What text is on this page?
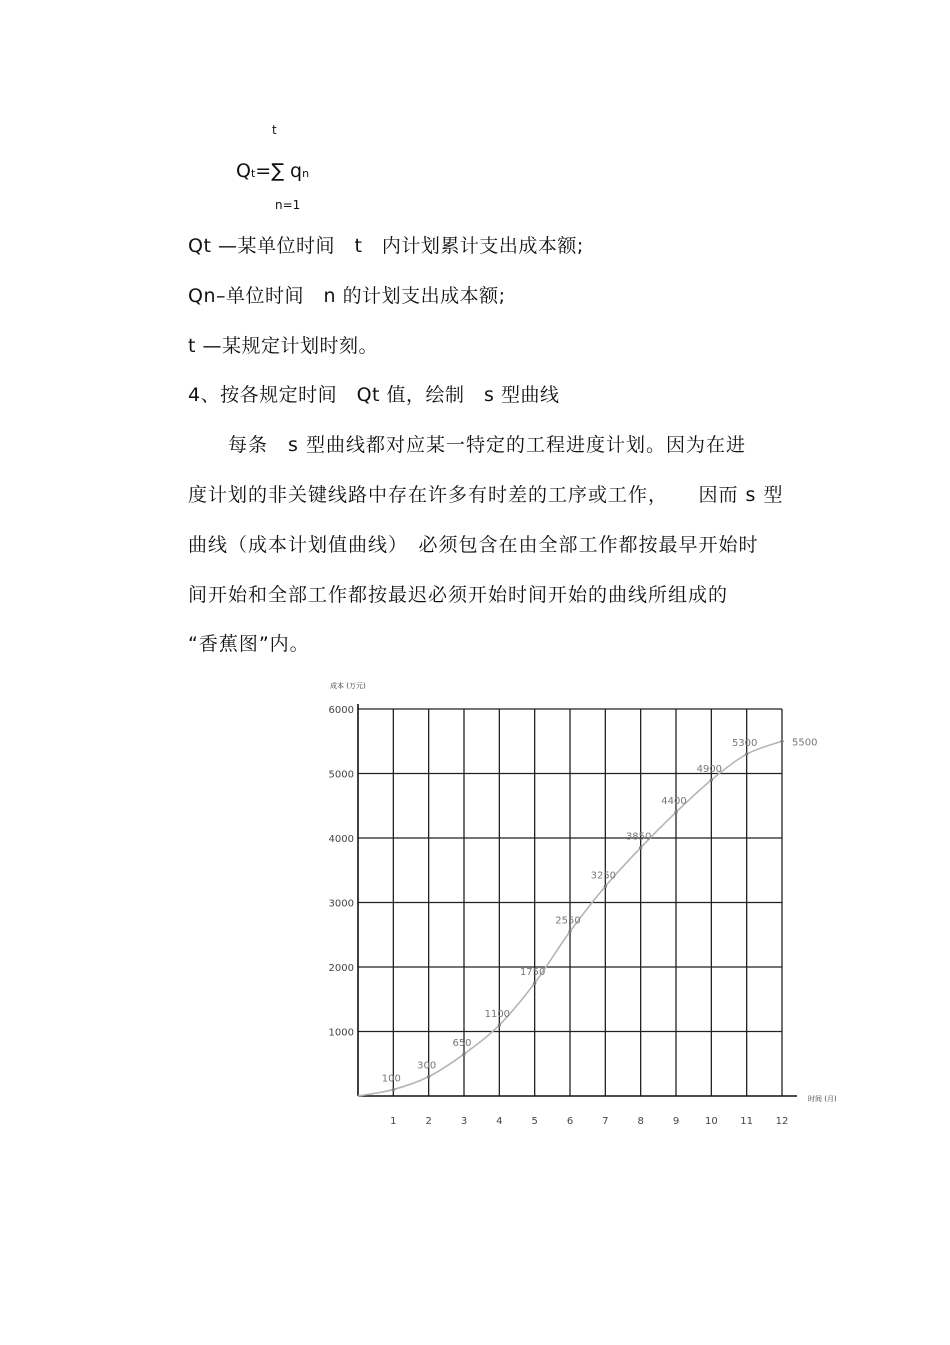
t
Qt=∑ qn
n=1
Qt —某单位时间　t　内计划累计支出成本额;
Qn–单位时间　n 的计划支出成本额;
t —某规定计划时刻。
4、按各规定时间　Qt 值，绘制　s 型曲线
　　每条　s 型曲线都对应某一特定的工程进度计划。因为在进
度计划的非关键线路中存在许多有时差的工序或工作，　　因而 s 型
曲线（成本计划值曲线）　必须包含在由全部工作都按最早开始时
间开始和全部工作都按最迟必须开始时间开始的曲线所组成的
“香蕉图”内。
1000
2000
3000
4000
5000
6000
1	2	3	4	5	6	7	8	9	10 11 12
成本 (万元)
时间 (月)
100
300
650
1100
1750
2550
3250
3850
4400
4900
5300	5500
